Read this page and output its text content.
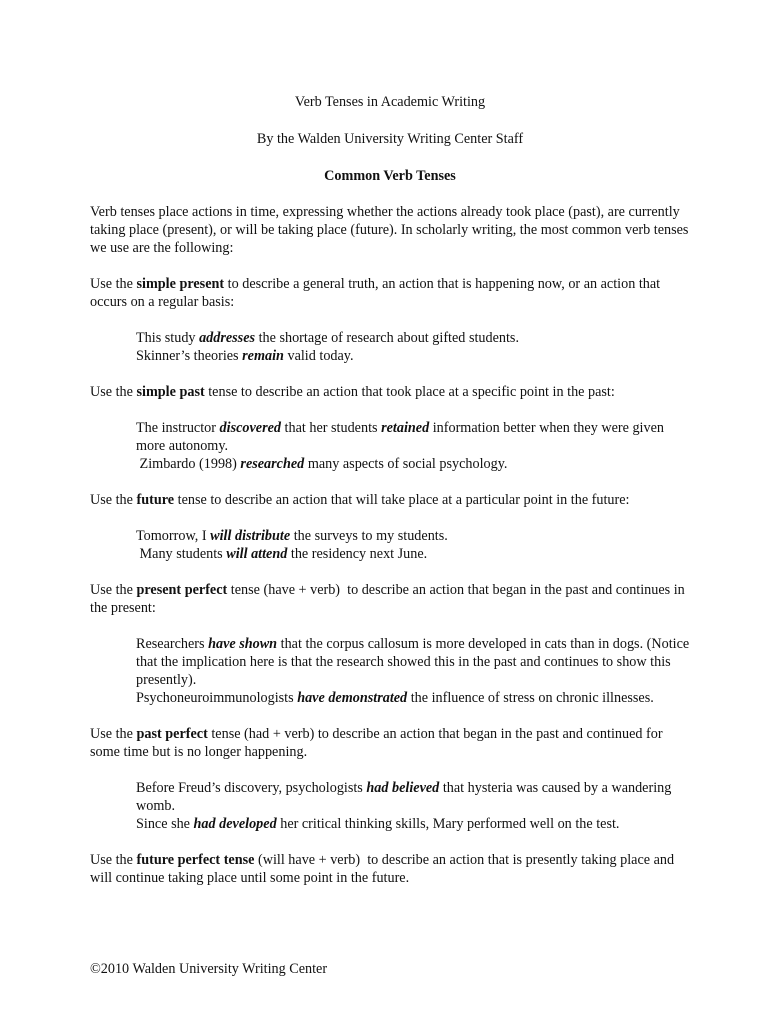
Verb Tenses in Academic Writing

By the Walden University Writing Center Staff

Common Verb Tenses

Verb tenses place actions in time, expressing whether the actions already took place (past), are currently taking place (present), or will be taking place (future). In scholarly writing, the most common verb tenses we use are the following:

Use the simple present to describe a general truth, an action that is happening now, or an action that occurs on a regular basis:

This study addresses the shortage of research about gifted students.

Skinner’s theories remain valid today.

Use the simple past tense to describe an action that took place at a specific point in the past:

The instructor discovered that her students retained information better when they were given more autonomy.

Zimbardo (1998) researched many aspects of social psychology.

Use the future tense to describe an action that will take place at a particular point in the future:

Tomorrow, I will distribute the surveys to my students.

Many students will attend the residency next June.

Use the present perfect tense (have + verb)  to describe an action that began in the past and continues in the present:

Researchers have shown that the corpus callosum is more developed in cats than in dogs. (Notice that the implication here is that the research showed this in the past and continues to show this presently).

Psychoneuroimmunologists have demonstrated the influence of stress on chronic illnesses.

Use the past perfect tense (had + verb) to describe an action that began in the past and continued for some time but is no longer happening.

Before Freud’s discovery, psychologists had believed that hysteria was caused by a wandering womb.

Since she had developed her critical thinking skills, Mary performed well on the test.

Use the future perfect tense (will have + verb)  to describe an action that is presently taking place and will continue taking place until some point in the future.

©2010 Walden University Writing Center
